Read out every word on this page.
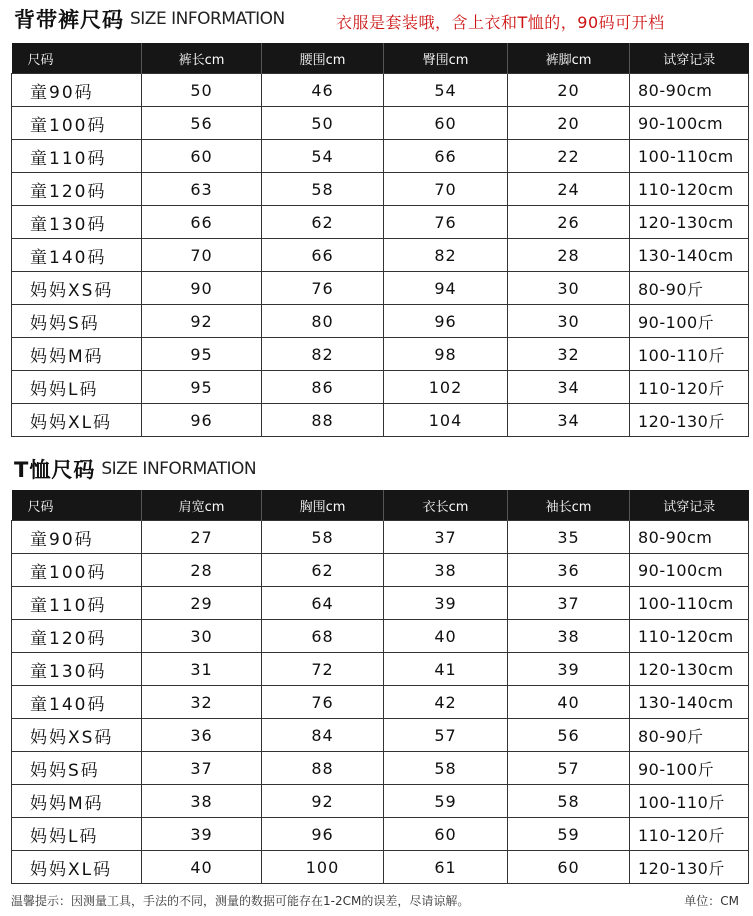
背带裤尺码 SIZE INFORMATION	衣服是套装哦，含上衣和T恤的，90码可开档
尺码	裤长cm	腰围cm	臀围cm	裤脚cm	试穿记录
童90码	50	46	54	20	80-90cm
童100码	56	50	60	20	90-100cm
童110码	60	54	66	22	100-110cm
童120码	63	58	70	24	110-120cm
童130码	66	62	76	26	120-130cm
童140码	70	66	82	28	130-140cm
妈妈XS码	90	76	94	30	80-90斤
妈妈S码	92	80	96	30	90-100斤
妈妈M码	95	82	98	32	100-110斤
妈妈L码	95	86	102	34	110-120斤
妈妈XL码	96	88	104	34	120-130斤
T恤尺码 SIZE INFORMATION
尺码	肩宽cm	胸围cm	衣长cm	袖长cm	试穿记录
童90码	27	58	37	35	80-90cm
童100码	28	62	38	36	90-100cm
童110码	29	64	39	37	100-110cm
童120码	30	68	40	38	110-120cm
童130码	31	72	41	39	120-130cm
童140码	32	76	42	40	130-140cm
妈妈XS码	36	84	57	56	80-90斤
妈妈S码	37	88	58	57	90-100斤
妈妈M码	38	92	59	58	100-110斤
妈妈L码	39	96	60	59	110-120斤
妈妈XL码	40	100	61	60	120-130斤
温馨提示：因测量工具，手法的不同，测量的数据可能存在1-2CM的误差，尽请谅解。	单位：CM
